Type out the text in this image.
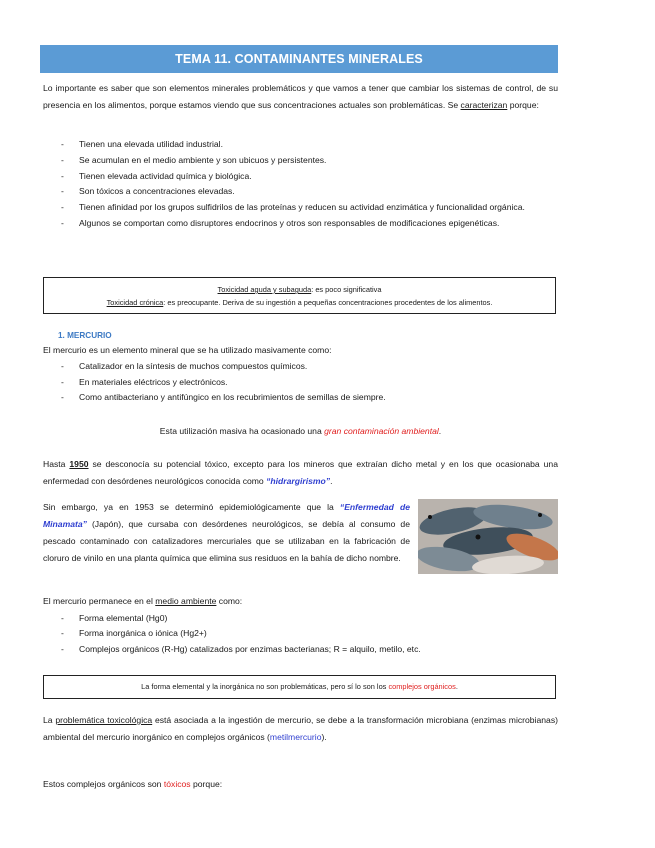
TEMA 11. CONTAMINANTES MINERALES
Lo importante es saber que son elementos minerales problemáticos y que vamos a tener que cambiar los sistemas de control, de su presencia en los alimentos, porque estamos viendo que sus concentraciones actuales son problemáticas. Se caracterizan porque:
- Tienen una elevada utilidad industrial.
- Se acumulan en el medio ambiente y son ubicuos y persistentes.
- Tienen elevada actividad química y biológica.
- Son tóxicos a concentraciones elevadas.
- Tienen afinidad por los grupos sulfidrilos de las proteínas y reducen su actividad enzimática y funcionalidad orgánica.
- Algunos se comportan como disruptores endocrinos y otros son responsables de modificaciones epigenéticas.
Toxicidad aguda y subaguda: es poco significativa
Toxicidad crónica: es preocupante. Deriva de su ingestión a pequeñas concentraciones procedentes de los alimentos.
1. MERCURIO
El mercurio es un elemento mineral que se ha utilizado masivamente como:
- Catalizador en la síntesis de muchos compuestos químicos.
- En materiales eléctricos y electrónicos.
- Como antibacteriano y antifúngico en los recubrimientos de semillas de siempre.
Esta utilización masiva ha ocasionado una gran contaminación ambiental.
Hasta 1950 se desconocía su potencial tóxico, excepto para los mineros que extraían dicho metal y en los que ocasionaba una enfermedad con desórdenes neurológicos conocida como “hidrargirismo”.
Sin embargo, ya en 1953 se determinó epidemiológicamente que la “Enfermedad de Minamata” (Japón), que cursaba con desórdenes neurológicos, se debía al consumo de pescado contaminado con catalizadores mercuriales que se utilizaban en la fabricación de cloruro de vinilo en una planta química que elimina sus residuos en la bahía de dicho nombre.
El mercurio permanece en el medio ambiente como:
- Forma elemental (Hg0)
- Forma inorgánica o iónica (Hg2+)
- Complejos orgánicos (R-Hg) catalizados por enzimas bacterianas; R = alquilo, metilo, etc.
La forma elemental y la inorgánica no son problemáticas, pero sí lo son los complejos orgánicos.
La problemática toxicológica está asociada a la ingestión de mercurio, se debe a la transformación microbiana (enzimas microbianas) ambiental del mercurio inorgánico en complejos orgánicos (metilmercurio).
Estos complejos orgánicos son tóxicos porque:
